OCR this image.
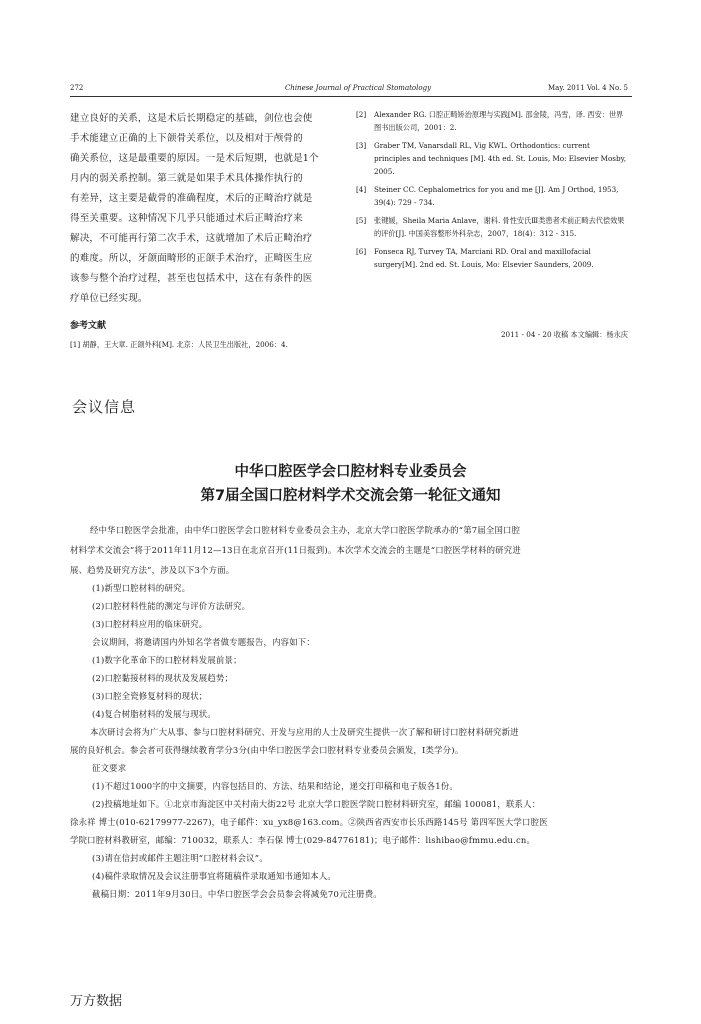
272	Chinese Journal of Practical Stomatology	May. 2011 Vol. 4 No. 5
建立良好的关系，这是术后长期稳定的基础，剑位也会使
手术能建立正确的上下颌骨关系位，以及相对于颅骨的
确关系位，这是最重要的原因。一是术后短期，也就是1个
月内的弱关系控制。第三就是如果手术具体操作执行的
有差异，这主要是截骨的准确程度，术后的正畸治疗就是
得至关重要。这种情况下几乎只能通过术后正畸治疗来
解决，不可能再行第二次手术，这就增加了术后正畸治疗
的难度。所以，牙颌面畸形的正颌手术治疗，正畸医生应
该参与整个治疗过程，甚至也包括术中，这在有条件的医
疗单位已经实现。
参考文献
[1] 胡静，王大章. 正颌外科[M]. 北京：人民卫生出版社，2006：4.
[2] Alexander RG. 口腔正畸矫治原理与实践[M]. 邵金陵，冯雪，译. 西安：世界图书出版公司，2001：2.
[3] Graber TM, Vanarsdall RL, Vig KWL. Orthodontics: current principles and techniques [M]. 4th ed. St. Louis, Mo: Elsevier Mosby, 2005.
[4] Steiner CC. Cephalometrics for you and me [J]. Am J Orthod, 1953, 39(4): 729 - 734.
[5] 张键媛，Sheila Maria Anlave，谢科. 骨性安氏Ⅲ类患者术前正畸去代偿效果的评价[J]. 中国美容整形外科杂志，2007，18(4)：312 - 315.
[6] Fonseca RJ, Turvey TA, Marciani RD. Oral and maxillofacial surgery[M]. 2nd ed. St. Louis, Mo: Elsevier Saunders, 2009.
2011 - 04 - 20 收稿 本文编辑：杨永庆
会议信息
中华口腔医学会口腔材料专业委员会
第7届全国口腔材料学术交流会第一轮征文通知
经中华口腔医学会批准，由中华口腔医学会口腔材料专业委员会主办，北京大学口腔医学院承办的“第7届全国口腔
材料学术交流会”将于2011年11月12—13日在北京召开(11日报到)。本次学术交流会的主题是“口腔医学材料的研究进
展、趋势及研究方法”，涉及以下3个方面。
(1)新型口腔材料的研究。
(2)口腔材料性能的测定与评价方法研究。
(3)口腔材料应用的临床研究。
会议期间，将邀请国内外知名学者做专题报告，内容如下：
(1)数字化革命下的口腔材料发展前景；
(2)口腔黏接材料的现状及发展趋势；
(3)口腔全瓷修复材料的现状；
(4)复合树脂材料的发展与现状。
本次研讨会将为广大从事、参与口腔材料研究、开发与应用的人士及研究生提供一次了解和研讨口腔材料研究新进
展的良好机会。参会者可获得继续教育学分3分(由中华口腔医学会口腔材料专业委员会颁发，Ⅰ类学分)。
征文要求
(1)不超过1000字的中文摘要，内容包括目的、方法、结果和结论，递交打印稿和电子版各1份。
(2)投稿地址如下。①北京市海淀区中关村南大街22号 北京大学口腔医学院口腔材料研究室，邮编 100081，联系人：
徐永祥 博士(010-62179977-2267)，电子邮件：xu_yx8@163.com。②陕西省西安市长乐西路145号 第四军医大学口腔医
学院口腔材料教研室，邮编：710032，联系人：李石保 博士(029-84776181)；电子邮件：lishibao@fmmu.edu.cn。
(3)请在信封或邮件主题注明“口腔材料会议”。
(4)稿件录取情况及会议注册事宜将随稿件录取通知书通知本人。
截稿日期：2011年9月30日。中华口腔医学会会员参会将减免70元注册费。
万方数据
